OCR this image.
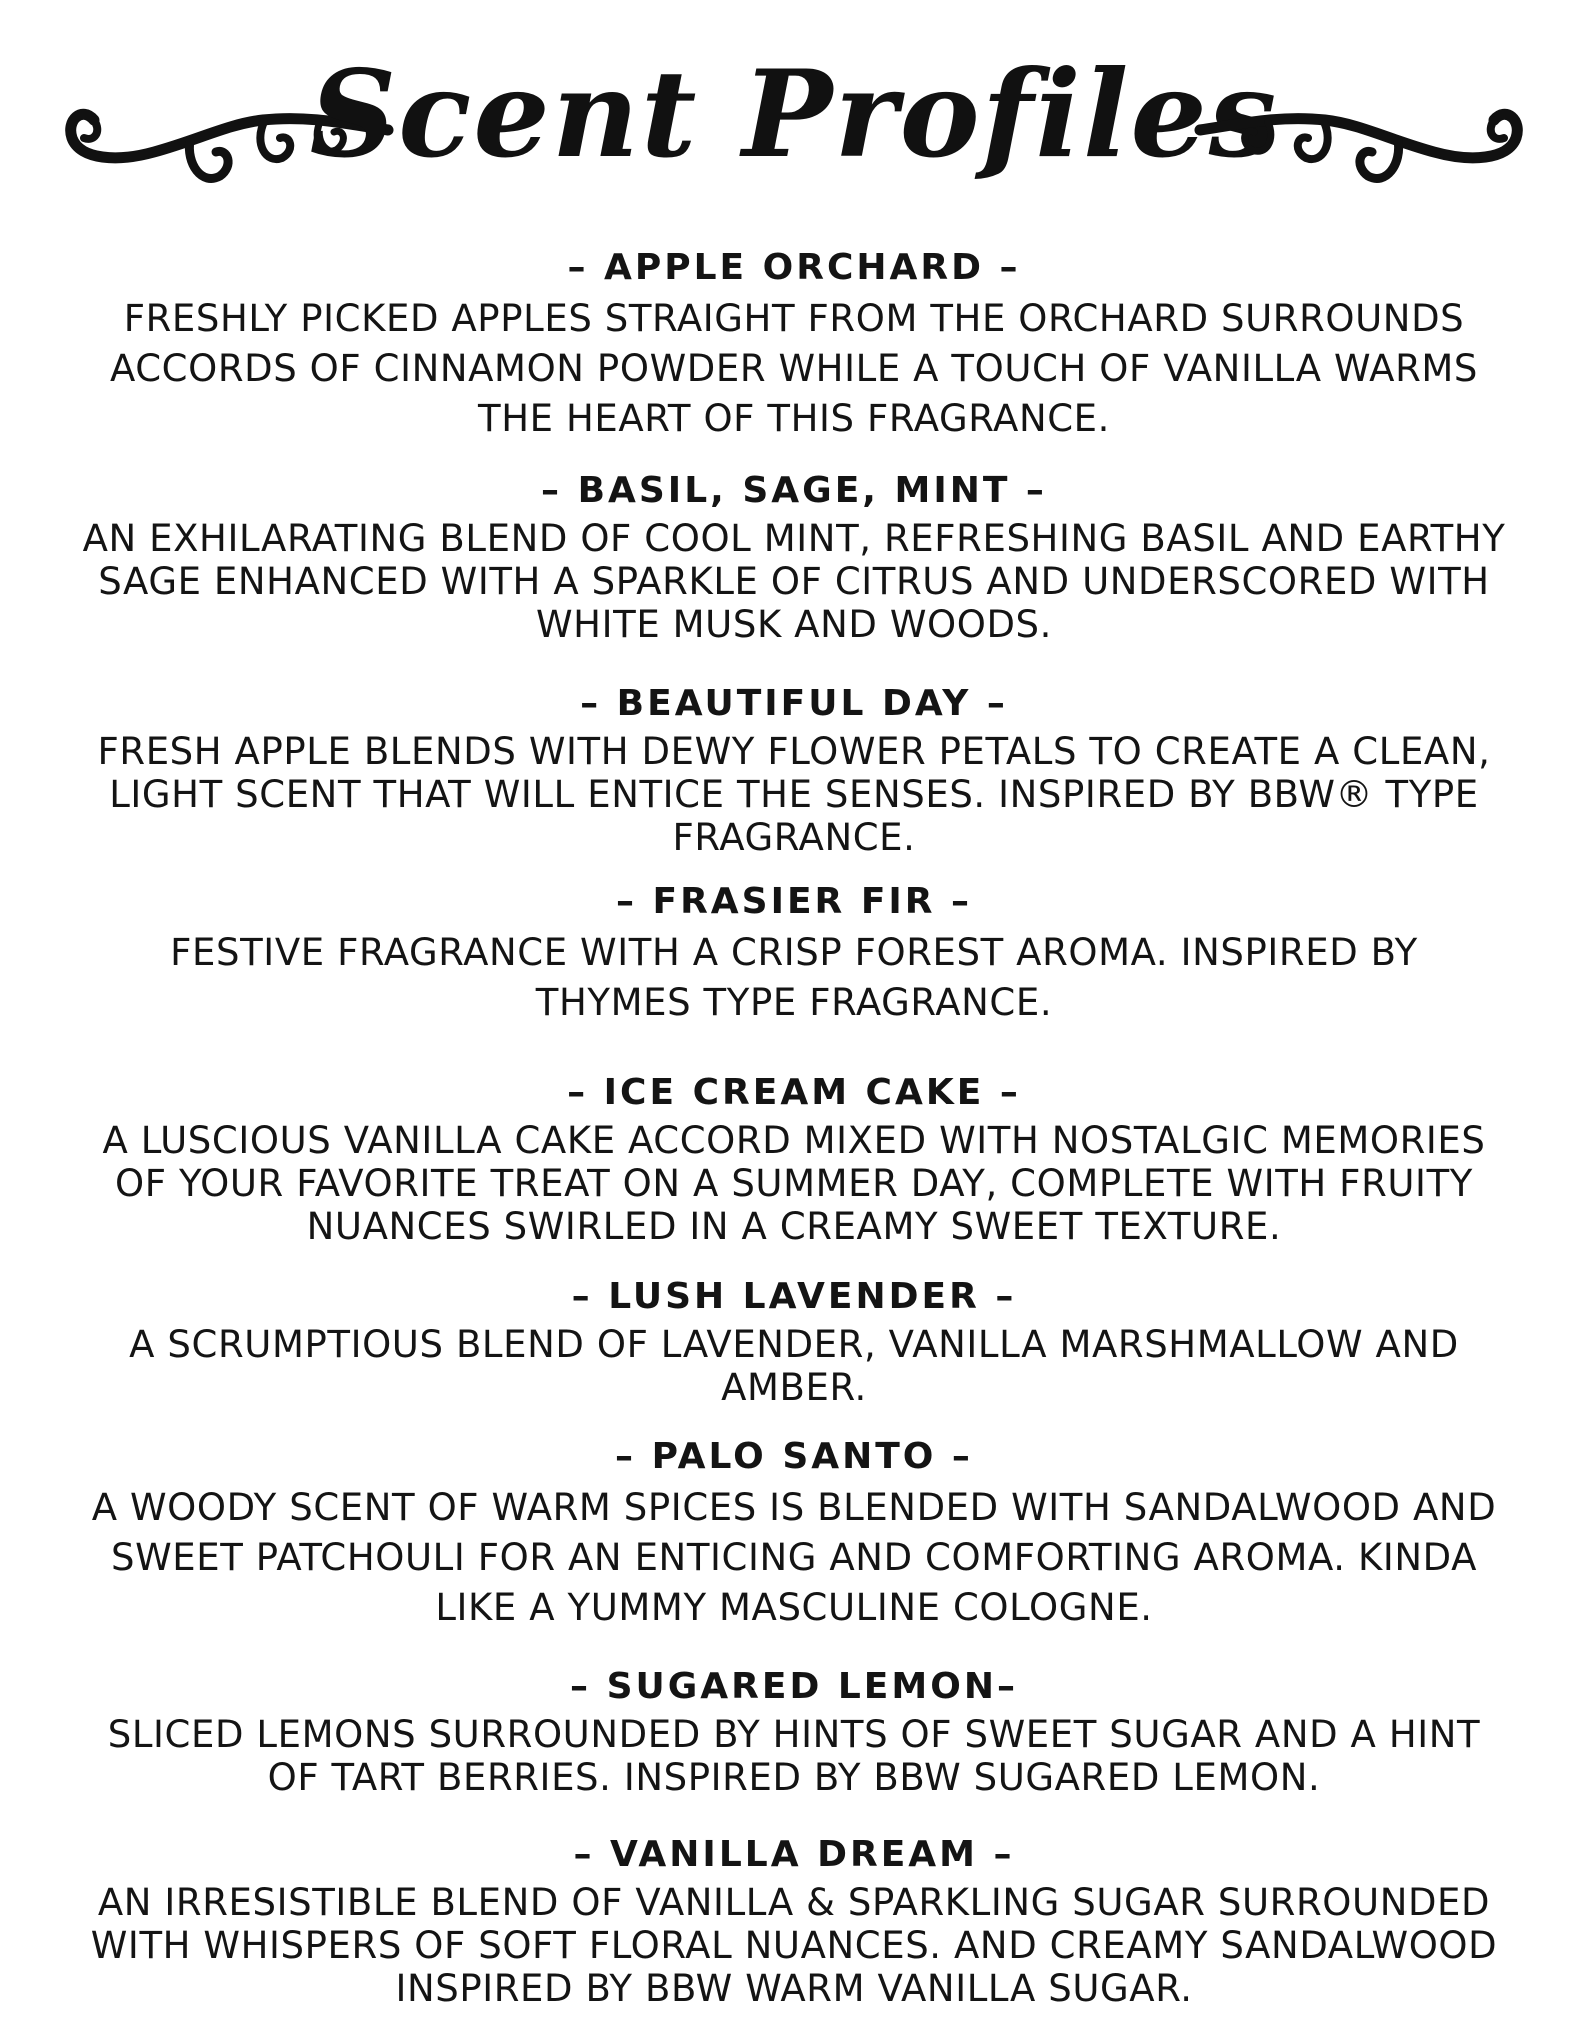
Scent Profiles

– APPLE ORCHARD –

FRESHLY PICKED APPLES STRAIGHT FROM THE ORCHARD SURROUNDS
ACCORDS OF CINNAMON POWDER WHILE A TOUCH OF VANILLA WARMS
THE HEART OF THIS FRAGRANCE.

– BASIL, SAGE, MINT –

AN EXHILARATING BLEND OF COOL MINT, REFRESHING BASIL AND EARTHY
SAGE ENHANCED WITH A SPARKLE OF CITRUS AND UNDERSCORED WITH
WHITE MUSK AND WOODS.

– BEAUTIFUL DAY –

FRESH APPLE BLENDS WITH DEWY FLOWER PETALS TO CREATE A CLEAN,
LIGHT SCENT THAT WILL ENTICE THE SENSES. INSPIRED BY BBW® TYPE
FRAGRANCE.

– FRASIER FIR –

FESTIVE FRAGRANCE WITH A CRISP FOREST AROMA. INSPIRED BY
THYMES TYPE FRAGRANCE.

– ICE CREAM CAKE –

A LUSCIOUS VANILLA CAKE ACCORD MIXED WITH NOSTALGIC MEMORIES
OF YOUR FAVORITE TREAT ON A SUMMER DAY, COMPLETE WITH FRUITY
NUANCES SWIRLED IN A CREAMY SWEET TEXTURE.

– LUSH LAVENDER –

A SCRUMPTIOUS BLEND OF LAVENDER, VANILLA MARSHMALLOW AND
AMBER.

– PALO SANTO –

A WOODY SCENT OF WARM SPICES IS BLENDED WITH SANDALWOOD AND
SWEET PATCHOULI FOR AN ENTICING AND COMFORTING AROMA. KINDA
LIKE A YUMMY MASCULINE COLOGNE.

– SUGARED LEMON–

SLICED LEMONS SURROUNDED BY HINTS OF SWEET SUGAR AND A HINT
OF TART BERRIES. INSPIRED BY BBW SUGARED LEMON.

– VANILLA DREAM –

AN IRRESISTIBLE BLEND OF VANILLA & SPARKLING SUGAR SURROUNDED
WITH WHISPERS OF SOFT FLORAL NUANCES. AND CREAMY SANDALWOOD
INSPIRED BY BBW WARM VANILLA SUGAR.
